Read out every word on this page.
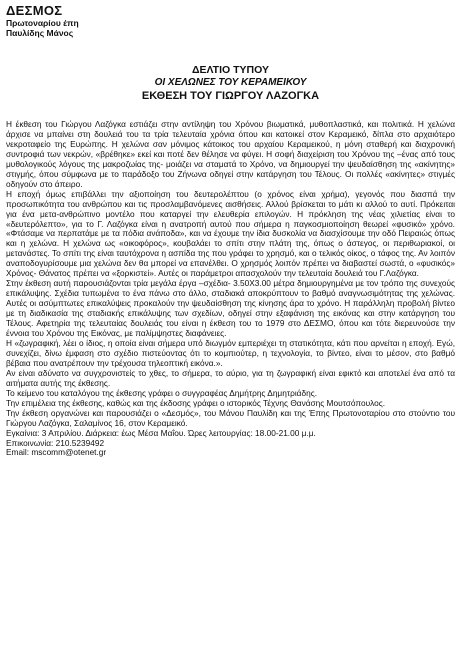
ΔΕΣΜΟΣ
Πρωτοναρίου έπη
Παυλίδης Μάνος
ΔΕΛΤΙΟ ΤΥΠΟΥ
ΟΙ ΧΕΛΩΝΕΣ ΤΟΥ ΚΕΡΑΜΕΙΚΟΥ
ΕΚΘΕΣΗ ΤΟΥ ΓΙΩΡΓΟΥ ΛΑΖΟΓΚΑ

Η έκθεση του Γιώργου Λαζόγκα εστιάζει στην αντίληψη του Χρόνου βιωματικά, μυθοπλαστικά, και πολιτικά. Η χελώνα άρχισε να μπαίνει στη δουλειά του τα τρία τελευταία χρόνια όπου και κατοικεί στον Κεραμεικό, δίπλα στο αρχαιότερο νεκροταφείο της Ευρώπης. Η χελώνα σαν μόνιμος κάτοικος του αρχαίου Κεραμεικού, η μόνη σταθερή και διαχρονική συντροφιά των νεκρών, «βρέθηκε» εκεί και ποτέ δεν θέλησε να φύγει. Η σοφή διαχείριση του Χρόνου της –ένας από τους μυθολογικούς λόγους της μακροζωίας της- μοιάζει να σταματά το Χρόνο, να δημιουργεί την ψευδαίσθηση της «ακίνητης» στιγμής, όπου σύμφωνα με το παράδοξο του Ζήνωνα οδηγεί στην κατάργηση του Τέλους. Οι πολλές «ακίνητες» στιγμές οδηγούν στο άπειρο.

Η εποχή όμως επιβάλλει την αξιοποίηση του δευτερολέπτου (ο χρόνος είναι χρήμα), γεγονός που διασπά την προσωπικότητα του ανθρώπου και τις προσλαμβανόμενες αισθήσεις. Αλλού βρίσκεται το μάτι κι αλλού το αυτί. Πρόκειται για ένα μετα-ανθρώπινο μοντέλο που καταργεί την ελευθερία επιλογών. Η πρόκληση της νέας χιλιετίας είναι το «δευτερόλεπτο», για το Γ. Λαζόγκα είναι η ανατροπή αυτού που σήμερα η παγκοσμιοποίηση θεωρεί «φυσικό» χρόνο. «Φτάσαμε να περπατάμε με τα πόδια ανάποδα», και να έχουμε την ίδια δυσκολία να διασχίσουμε την οδό Πειραιώς όπως και η χελώνα. Η χελώνα ως «οικοφόρος», κουβαλάει το σπίτι στην πλάτη της, όπως ο άστεγος, οι περιθωριακοί, οι μετανάστες. Το σπίτι της είναι ταυτόχρονα η ασπίδα της που γράφει το χρησμό, και ο τελικός οίκος, ο τάφος της. Αν λοιπόν αναποδογυρίσουμε μια χελώνα δεν θα μπορεί να επανέλθει. Ο χρησμός λοιπόν πρέπει να διαβαστεί σωστά, ο «φυσικός» Χρόνος- Θάνατος πρέπει να «ξορκιστεί». Αυτές οι παράμετροι απασχολούν την τελευταία δουλειά του Γ.Λαζόγκα.

Στην έκθεση αυτή παρουσιάζονται τρία μεγάλα έργα –σχέδια- 3.50Χ3.00 μέτρα δημιουργημένα με τον τρόπο της συνεχούς επικάλυψης. Σχέδια τυπωμένα το ένα πάνω στο άλλο, σταδιακά αποκρύπτουν το βαθμό αναγνωσιμότητας της χελώνας. Αυτές οι ασύμπτωτες επικαλύψεις προκαλούν την ψευδαίσθηση της κίνησης άρα το χρόνο. Η παράλληλη προβολή βίντεο με τη διαδικασία της σταδιακής επικάλυψης των σχεδίων, οδηγεί στην εξαφάνιση της εικόνας και στην κατάργηση του Τέλους. Αφετηρία της τελευταίας δουλειάς του είναι η έκθεση του το 1979 στο ΔΕΣΜΟ, όπου και τότε διερευνούσε την έννοια του Χρόνου της Εικόνας, με παλίμψηστες διαφάνειες.

Η «ζωγραφική, λέει ο ίδιος, η οποία είναι σήμερα υπό διωγμόν εμπεριέχει τη στατικότητα, κάτι που αρνείται η εποχή. Εγώ, συνεχίζει, δίνω έμφαση στο σχέδιο πιστεύοντας ότι το κομπιούτερ, η τεχνολογία, το βίντεο, είναι το μέσον, στο βαθμό βέβαια που ανατρέπουν την τρέχουσα τηλεοπτική εικόνα.».

Αν είναι αδύνατο να συγχρονιστείς το χθες, το σήμερα, το αύριο, για τη ζωγραφική είναι εφικτό και αποτελεί ένα από τα αιτήματα αυτής της έκθεσης.

Το κείμενο του καταλόγου της έκθεσης γράφει ο συγγραφέας Δημήτρης Δημητριάδης.

Την επιμέλεια της έκθεσης, καθώς και της έκδοσης γράφει ο ιστορικός Τέχνης Θανάσης Μουτσόπουλος.

Την έκθεση οργανώνει και παρουσιάζει ο «Δεσμός», του Μάνου Παυλίδη και της Έπης Πρωτονοταρίου στο στούντιο του Γιώργου Λαζόγκα, Σαλαμίνος 16, στον Κεραμεικό.

Εγκαίνια: 3 Απριλίου. Διάρκεια: έως Μέσα Μαΐου. Ώρες λειτουργίας: 18.00-21.00 μ.μ.

Επικοινωνία: 210.5239492

Email: mscomm@otenet.gr
